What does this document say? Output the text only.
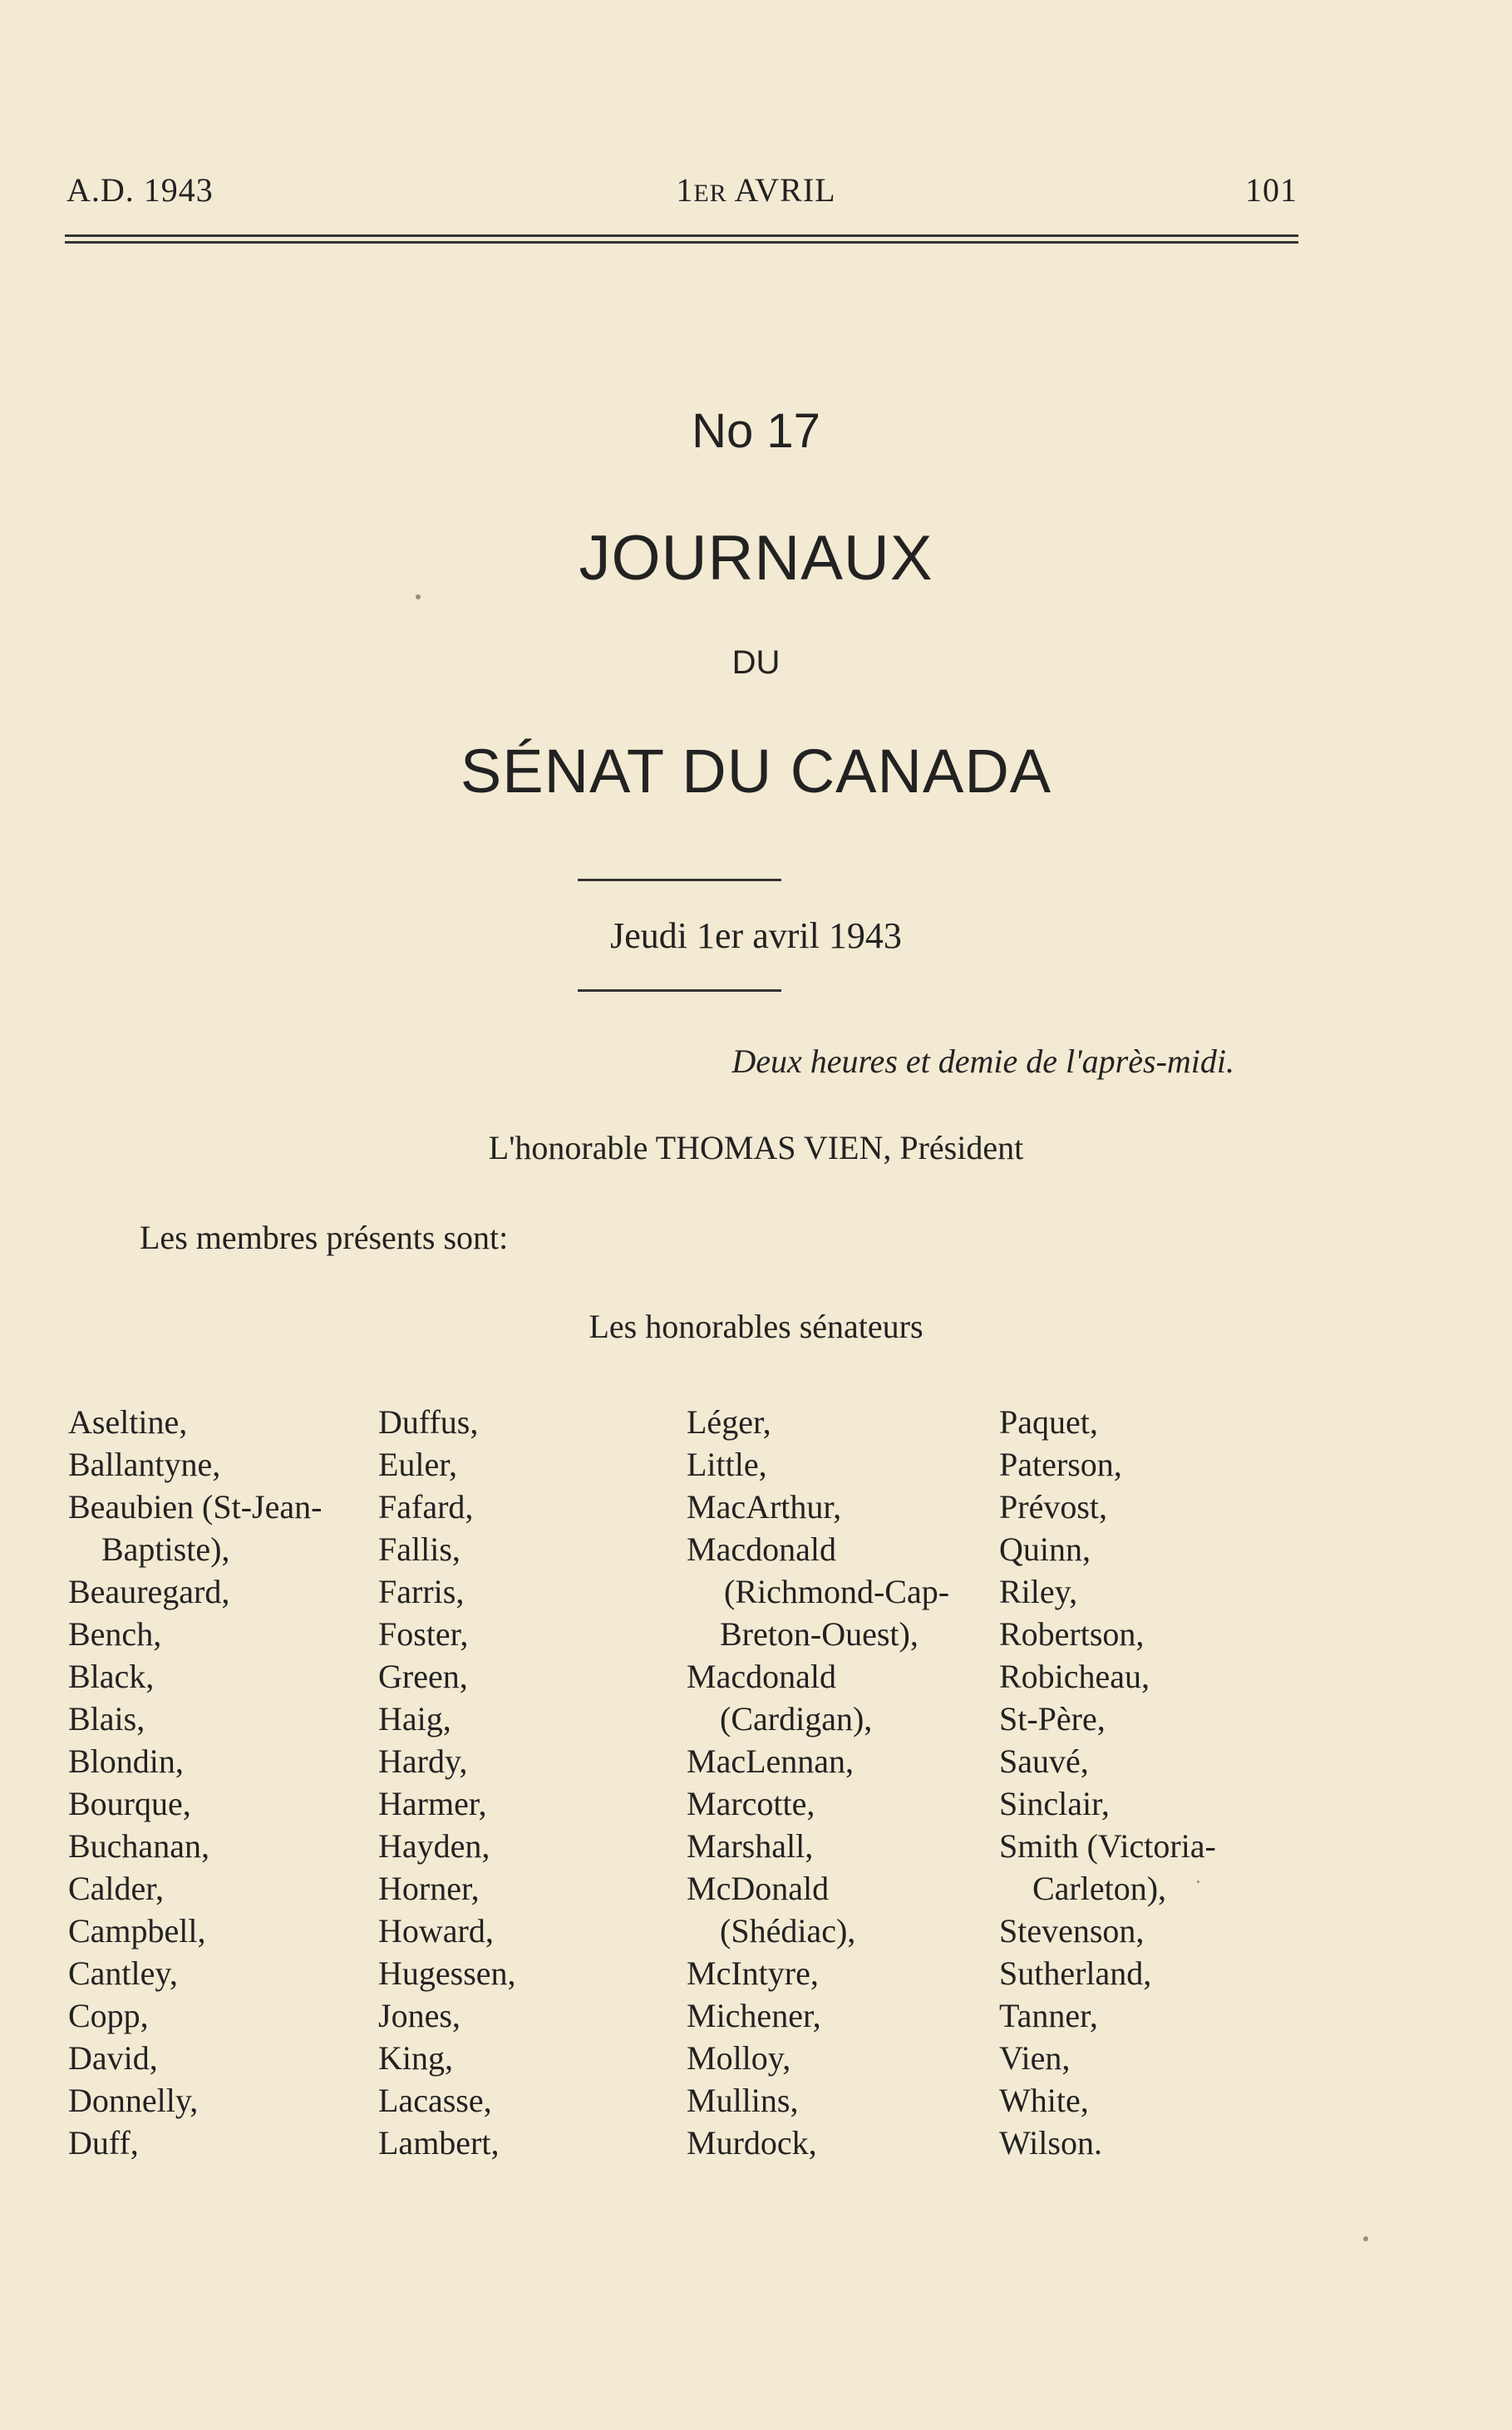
A.D. 1943	1ER AVRIL	101
No 17
JOURNAUX
DU
SÉNAT DU CANADA
Jeudi 1er avril 1943
Deux heures et demie de l'après-midi.
L'honorable THOMAS VIEN, Président
Les membres présents sont:
Les honorables sénateurs
Aseltine,
Ballantyne,
Beaubien (St-Jean-
Baptiste),
Beauregard,
Bench,
Black,
Blais,
Blondin,
Bourque,
Buchanan,
Calder,
Campbell,
Cantley,
Copp,
David,
Donnelly,
Duff,
Duffus,
Euler,
Fafard,
Fallis,
Farris,
Foster,
Green,
Haig,
Hardy,
Harmer,
Hayden,
Horner,
Howard,
Hugessen,
Jones,
King,
Lacasse,
Lambert,
Léger,
Little,
MacArthur,
Macdonald
(Richmond-Cap-
Breton-Ouest),
Macdonald
(Cardigan),
MacLennan,
Marcotte,
Marshall,
McDonald
(Shédiac),
McIntyre,
Michener,
Molloy,
Mullins,
Murdock,
Paquet,
Paterson,
Prévost,
Quinn,
Riley,
Robertson,
Robicheau,
St-Père,
Sauvé,
Sinclair,
Smith (Victoria-
Carleton),
Stevenson,
Sutherland,
Tanner,
Vien,
White,
Wilson.
